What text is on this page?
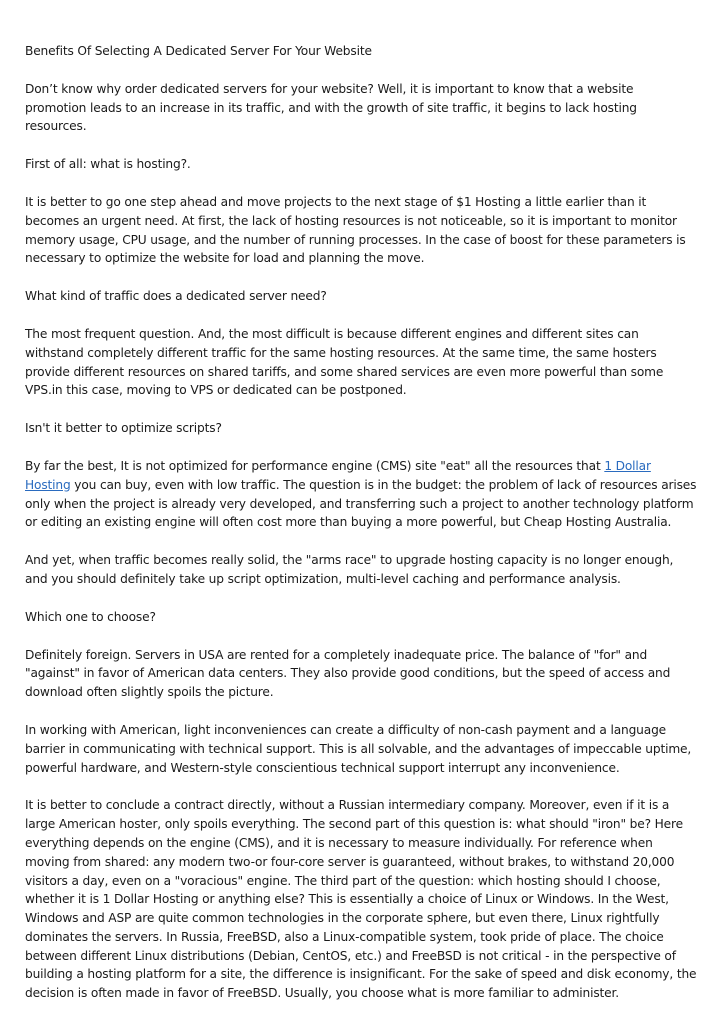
Benefits Of Selecting A Dedicated Server For Your Website

Don’t know why order dedicated servers for your website? Well, it is important to know that a website promotion leads to an increase in its traffic, and with the growth of site traffic, it begins to lack hosting resources.

First of all: what is hosting?.

It is better to go one step ahead and move projects to the next stage of $1 Hosting a little earlier than it becomes an urgent need. At first, the lack of hosting resources is not noticeable, so it is important to monitor memory usage, CPU usage, and the number of running processes. In the case of boost for these parameters is necessary to optimize the website for load and planning the move.

What kind of traffic does a dedicated server need?

The most frequent question. And, the most difficult is because different engines and different sites can withstand completely different traffic for the same hosting resources. At the same time, the same hosters provide different resources on shared tariffs, and some shared services are even more powerful than some VPS.in this case, moving to VPS or dedicated can be postponed.

Isn't it better to optimize scripts?

By far the best, It is not optimized for performance engine (CMS) site "eat" all the resources that 1 Dollar Hosting you can buy, even with low traffic. The question is in the budget: the problem of lack of resources arises only when the project is already very developed, and transferring such a project to another technology platform or editing an existing engine will often cost more than buying a more powerful, but Cheap Hosting Australia.

And yet, when traffic becomes really solid, the "arms race" to upgrade hosting capacity is no longer enough, and you should definitely take up script optimization, multi-level caching and performance analysis.

Which one to choose?

Definitely foreign. Servers in USA are rented for a completely inadequate price. The balance of "for" and "against" in favor of American data centers. They also provide good conditions, but the speed of access and download often slightly spoils the picture.

In working with American, light inconveniences can create a difficulty of non-cash payment and a language barrier in communicating with technical support. This is all solvable, and the advantages of impeccable uptime, powerful hardware, and Western-style conscientious technical support interrupt any inconvenience.

It is better to conclude a contract directly, without a Russian intermediary company. Moreover, even if it is a large American hoster, only spoils everything. The second part of this question is: what should "iron" be? Here everything depends on the engine (CMS), and it is necessary to measure individually. For reference when moving from shared: any modern two-or four-core server is guaranteed, without brakes, to withstand 20,000 visitors a day, even on a "voracious" engine. The third part of the question: which hosting should I choose, whether it is 1 Dollar Hosting or anything else? This is essentially a choice of Linux or Windows. In the West, Windows and ASP are quite common technologies in the corporate sphere, but even there, Linux rightfully dominates the servers. In Russia, FreeBSD, also a Linux-compatible system, took pride of place. The choice between different Linux distributions (Debian, CentOS, etc.) and FreeBSD is not critical - in the perspective of building a hosting platform for a site, the difference is insignificant. For the sake of speed and disk economy, the decision is often made in favor of FreeBSD. Usually, you choose what is more familiar to administer.
